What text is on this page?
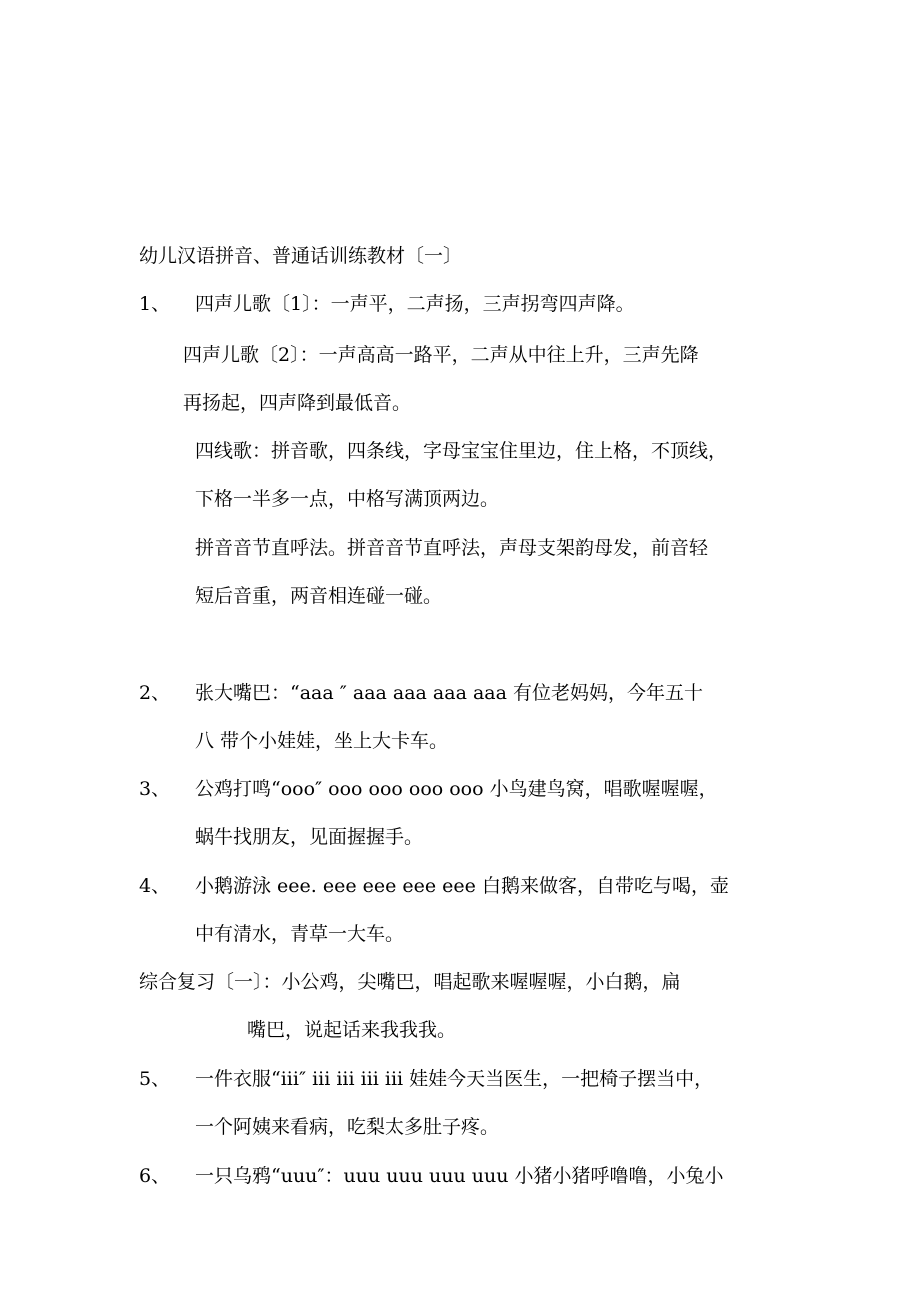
幼儿汉语拼音、普通话训练教材〔一〕
1、 四声儿歌〔1〕：一声平，二声扬，三声拐弯四声降。
四声儿歌〔2〕：一声高高一路平，二声从中往上升，三声先降
再扬起，四声降到最低音。
四线歌：拼音歌，四条线，字母宝宝住里边，住上格，不顶线，
下格一半多一点，中格写满顶两边。
拼音音节直呼法。拼音音节直呼法，声母支架韵母发，前音轻
短后音重，两音相连碰一碰。
2、 张大嘴巴：“aaa ″ aaa aaa aaa aaa 有位老妈妈，今年五十
八 带个小娃娃，坐上大卡车。
3、 公鸡打鸣“ooo″ ooo ooo ooo ooo 小鸟建鸟窝，唱歌喔喔喔，
蜗牛找朋友，见面握握手。
4、 小鹅游泳 eee. eee eee eee eee 白鹅来做客，自带吃与喝，壶
中有清水，青草一大车。
综合复习〔一〕：小公鸡，尖嘴巴，唱起歌来喔喔喔，小白鹅，扁
嘴巴，说起话来我我我。
5、 一件衣服“iii″ iii iii iii iii 娃娃今天当医生，一把椅子摆当中，
一个阿姨来看病，吃梨太多肚子疼。
6、 一只乌鸦“uuu″：uuu uuu uuu uuu 小猪小猪呼噜噜，小兔小
